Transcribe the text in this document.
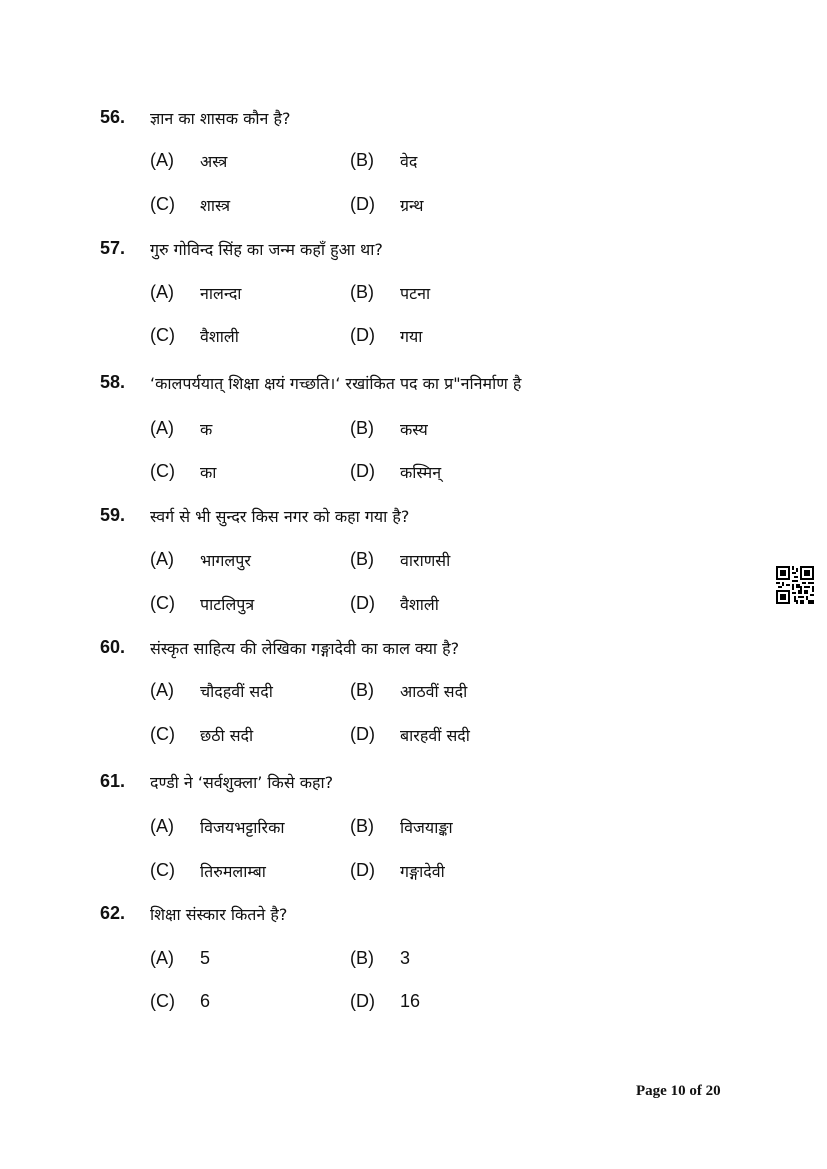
56. ज्ञान का शासक कौन है?
(A) अस्त्र	(B) वेद
(C) शास्त्र	(D) ग्रन्थ
57. गुरु गोविन्द सिंह का जन्म कहाँ हुआ था?
(A) नालन्दा	(B) पटना
(C) वैशाली	(D) गया
58. ‘कालपर्ययात् शिक्षा क्षयं गच्छति।‘ रखांकित पद का प्र"ननिर्माण है
(A) क	(B) कस्य
(C) का	(D) कस्मिन्
59. स्वर्ग से भी सुन्दर किस नगर को कहा गया है?
(A) भागलपुर	(B) वाराणसी
(C) पाटलिपुत्र	(D) वैशाली
60. संस्कृत साहित्य की लेखिका गङ्गादेवी का काल क्या है?
(A) चौदहवीं सदी	(B) आठवीं सदी
(C) छठी सदी	(D) बारहवीं सदी
61. दण्डी ने ‘सर्वशुक्ला’ किसे कहा?
(A) विजयभट्टारिका	(B) विजयाङ्का
(C) तिरुमलाम्बा	(D) गङ्गादेवी
62. शिक्षा संस्कार कितने है?
(A) 5	(B) 3
(C) 6	(D) 16
Page 10 of 20
